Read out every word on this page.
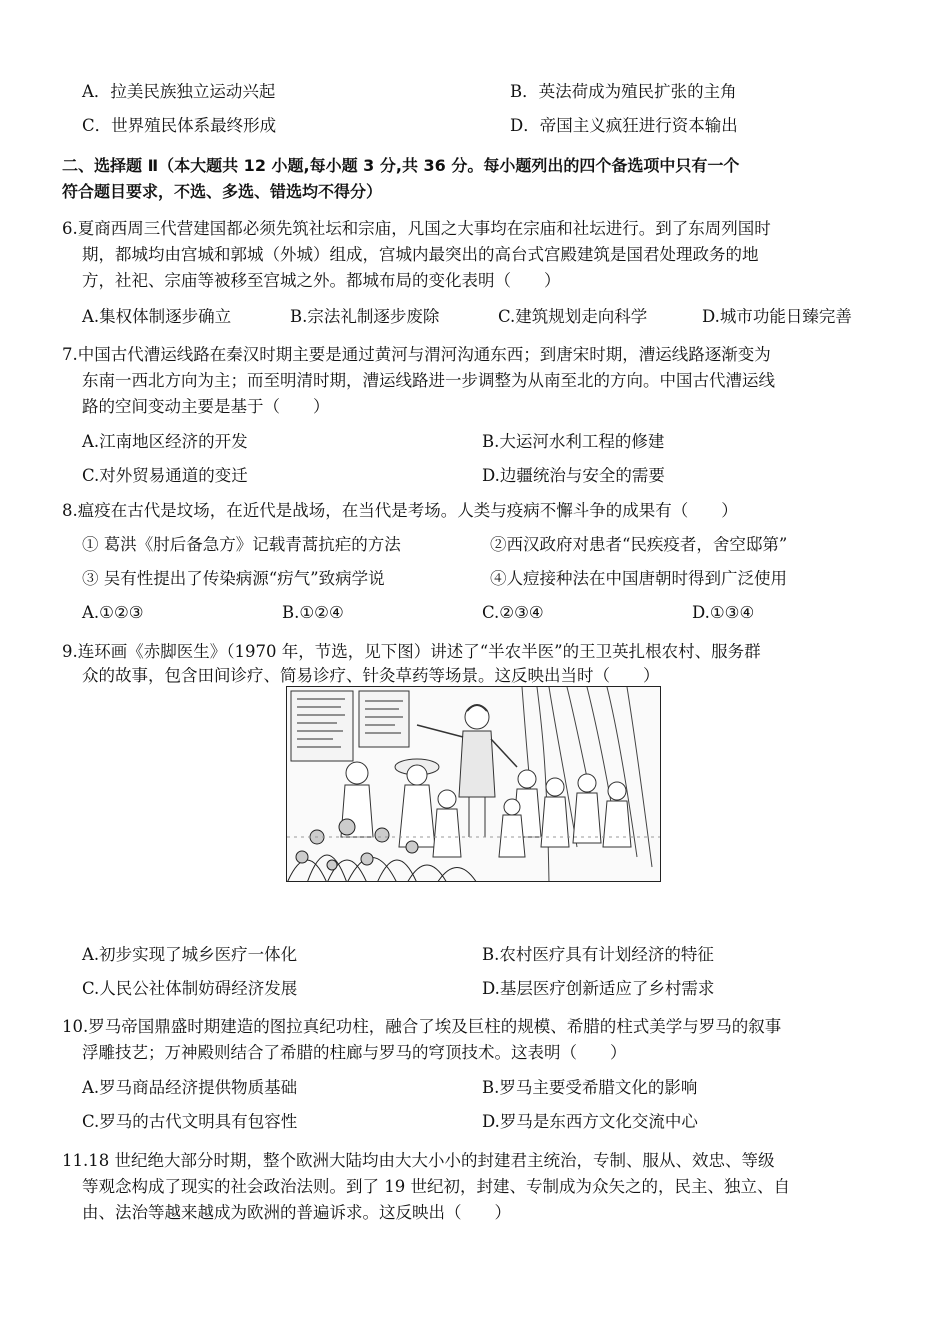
A．拉美民族独立运动兴起	B．英法荷成为殖民扩张的主角
C．世界殖民体系最终形成	D．帝国主义疯狂进行资本输出
二、选择题 Ⅱ（本大题共 12 小题,每小题 3 分,共 36 分。每小题列出的四个备选项中只有一个
符合题目要求，不选、多选、错选均不得分）
6.夏商西周三代营建国都必须先筑社坛和宗庙，凡国之大事均在宗庙和社坛进行。到了东周列国时
期，都城均由宫城和郭城（外城）组成，宫城内最突出的高台式宫殿建筑是国君处理政务的地
方，社祀、宗庙等被移至宫城之外。都城布局的变化表明（　　）
A.集权体制逐步确立	B.宗法礼制逐步废除	C.建筑规划走向科学	D.城市功能日臻完善
7.中国古代漕运线路在秦汉时期主要是通过黄河与渭河沟通东西；到唐宋时期，漕运线路逐渐变为
东南一西北方向为主；而至明清时期，漕运线路进一步调整为从南至北的方向。中国古代漕运线
路的空间变动主要是基于（　　）
A.江南地区经济的开发	B.大运河水利工程的修建
C.对外贸易通道的变迁	D.边疆统治与安全的需要
8.瘟疫在古代是坟场，在近代是战场，在当代是考场。人类与疫病不懈斗争的成果有（　　）
① 葛洪《肘后备急方》记载青蒿抗疟的方法	②西汉政府对患者“民疾疫者，舍空邸第”
③ 吴有性提出了传染病源“疠气”致病学说	④人痘接种法在中国唐朝时得到广泛使用
A.①②③	B.①②④	C.②③④	D.①③④
9.连环画《赤脚医生》（1970 年，节选，见下图）讲述了“半农半医”的王卫英扎根农村、服务群
众的故事，包含田间诊疗、简易诊疗、针灸草药等场景。这反映出当时（　　）
A.初步实现了城乡医疗一体化	B.农村医疗具有计划经济的特征
C.人民公社体制妨碍经济发展	D.基层医疗创新适应了乡村需求
10.罗马帝国鼎盛时期建造的图拉真纪功柱，融合了埃及巨柱的规模、希腊的柱式美学与罗马的叙事
浮雕技艺；万神殿则结合了希腊的柱廊与罗马的穹顶技术。这表明（　　）
A.罗马商品经济提供物质基础	B.罗马主要受希腊文化的影响
C.罗马的古代文明具有包容性	D.罗马是东西方文化交流中心
11.18 世纪绝大部分时期，整个欧洲大陆均由大大小小的封建君主统治，专制、服从、效忠、等级
等观念构成了现实的社会政治法则。到了 19 世纪初，封建、专制成为众矢之的，民主、独立、自
由、法治等越来越成为欧洲的普遍诉求。这反映出（　　）
